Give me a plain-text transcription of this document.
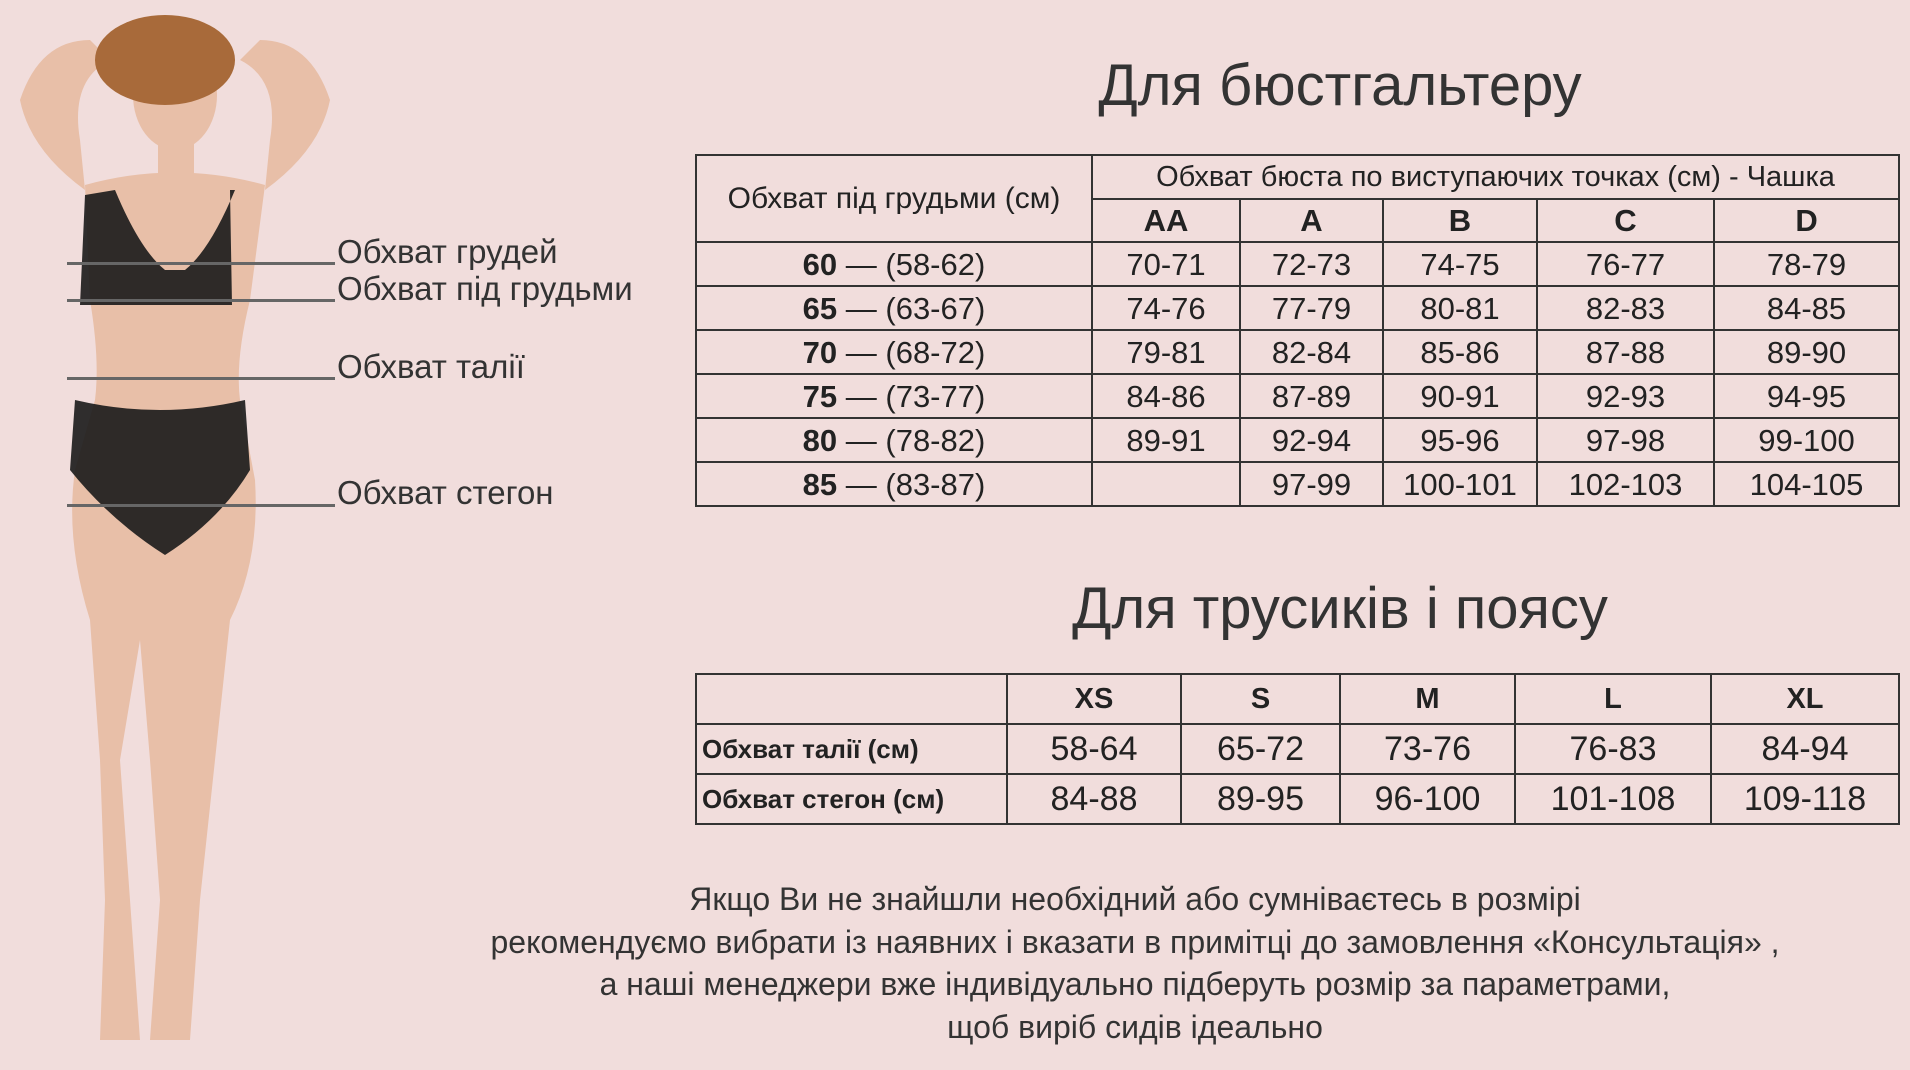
Обхват грудей
Обхват під грудьми
Обхват талії
Обхват стегон
Для бюстгальтеру
Обхват під грудьми (см)	Обхват бюста по виступаючих точках (см) - Чашка				
	AA	A	B	C	D
60 — (58-62)	70-71	72-73	74-75	76-77	78-79
65 — (63-67)	74-76	77-79	80-81	82-83	84-85
70 — (68-72)	79-81	82-84	85-86	87-88	89-90
75 — (73-77)	84-86	87-89	90-91	92-93	94-95
80 — (78-82)	89-91	92-94	95-96	97-98	99-100
85 — (83-87)		97-99	100-101	102-103	104-105
Для трусиків і поясу
	XS	S	M	L	XL
Обхват талії (см)	58-64	65-72	73-76	76-83	84-94
Обхват стегон (см)	84-88	89-95	96-100	101-108	109-118
Якщо Ви не знайшли необхідний або сумніваєтесь в розмірі
рекомендуємо вибрати із наявних і вказати в примітці до замовлення «Консультація» ,
а наші менеджери вже індивідуально підберуть розмір за параметрами,
щоб виріб сидів ідеально
